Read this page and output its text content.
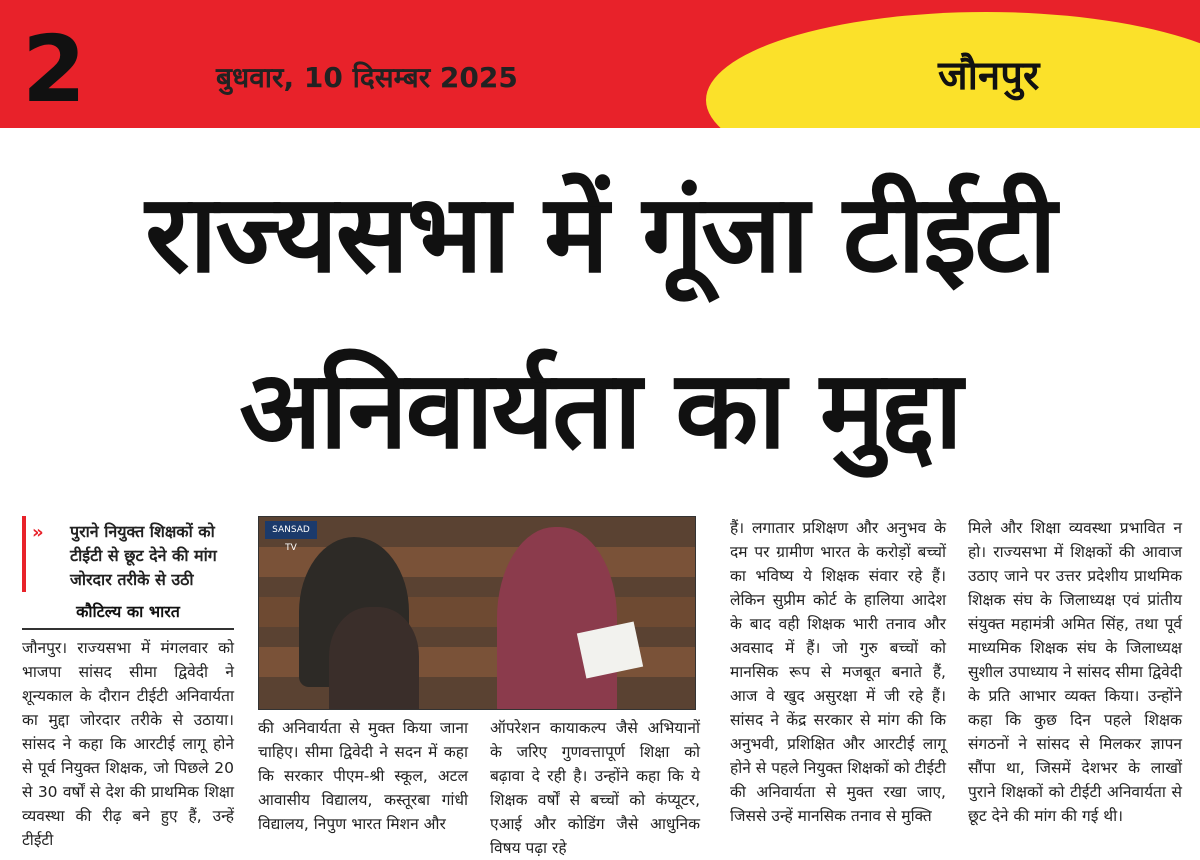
2	बुधवार, 10 दिसम्बर 2025	जौनपुर
राज्यसभा में गूंजा टीईटी
अनिवार्यता का मुद्दा
» पुराने नियुक्त शिक्षकों को टीईटी से छूट देने की मांग जोरदार तरीके से उठी
कौटिल्य का भारत
जौनपुर। राज्यसभा में मंगलवार को भाजपा सांसद सीमा द्विवेदी ने शून्यकाल के दौरान टीईटी अनिवार्यता का मुद्दा जोरदार तरीके से उठाया। सांसद ने कहा कि आरटीई लागू होने से पूर्व नियुक्त शिक्षक, जो पिछले 20 से 30 वर्षों से देश की प्राथमिक शिक्षा व्यवस्था की रीढ़ बने हुए हैं, उन्हें टीईटी
SANSAD TV
की अनिवार्यता से मुक्त किया जाना चाहिए। सीमा द्विवेदी ने सदन में कहा कि सरकार पीएम-श्री स्कूल, अटल आवासीय विद्यालय, कस्तूरबा गांधी विद्यालय, निपुण भारत मिशन और
ऑपरेशन कायाकल्प जैसे अभियानों के जरिए गुणवत्तापूर्ण शिक्षा को बढ़ावा दे रही है। उन्होंने कहा कि ये शिक्षक वर्षों से बच्चों को कंप्यूटर, एआई और कोडिंग जैसे आधुनिक विषय पढ़ा रहे
हैं। लगातार प्रशिक्षण और अनुभव के दम पर ग्रामीण भारत के करोड़ों बच्चों का भविष्य ये शिक्षक संवार रहे हैं। लेकिन सुप्रीम कोर्ट के हालिया आदेश के बाद वही शिक्षक भारी तनाव और अवसाद में हैं। जो गुरु बच्चों को मानसिक रूप से मजबूत बनाते हैं, आज वे खुद असुरक्षा में जी रहे हैं। सांसद ने केंद्र सरकार से मांग की कि अनुभवी, प्रशिक्षित और आरटीई लागू होने से पहले नियुक्त शिक्षकों को टीईटी की अनिवार्यता से मुक्त रखा जाए, जिससे उन्हें मानसिक तनाव से मुक्ति
मिले और शिक्षा व्यवस्था प्रभावित न हो। राज्यसभा में शिक्षकों की आवाज उठाए जाने पर उत्तर प्रदेशीय प्राथमिक शिक्षक संघ के जिलाध्यक्ष एवं प्रांतीय संयुक्त महामंत्री अमित सिंह, तथा पूर्व माध्यमिक शिक्षक संघ के जिलाध्यक्ष सुशील उपाध्याय ने सांसद सीमा द्विवेदी के प्रति आभार व्यक्त किया। उन्होंने कहा कि कुछ दिन पहले शिक्षक संगठनों ने सांसद से मिलकर ज्ञापन सौंपा था, जिसमें देशभर के लाखों पुराने शिक्षकों को टीईटी अनिवार्यता से छूट देने की मांग की गई थी।
